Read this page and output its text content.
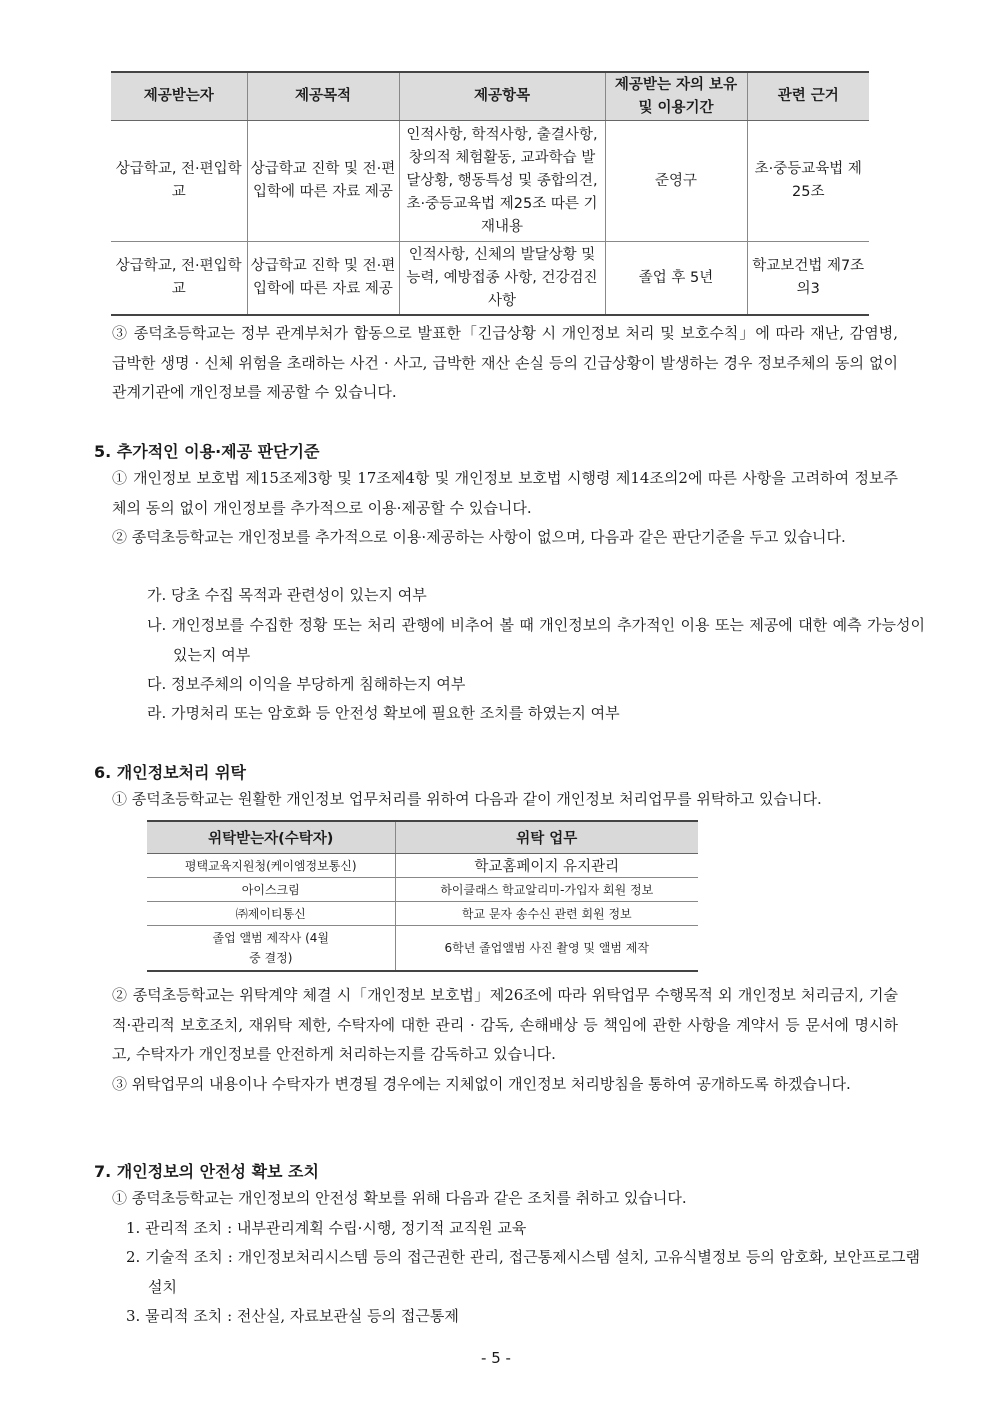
제공받는자	제공목적	제공항목	제공받는 자의 보유 및 이용기간	관련 근거
상급학교, 전·편입학교	상급학교 진학 및 전·편입학에 따른 자료 제공	인적사항, 학적사항, 출결사항, 창의적 체험활동, 교과학습 발달상황, 행동특성 및 종합의견, 초·중등교육법 제25조 따른 기재내용	준영구	초·중등교육법 제25조
상급학교, 전·편입학교	상급학교 진학 및 전·편입학에 따른 자료 제공	인적사항, 신체의 발달상황 및 능력, 예방접종 사항, 건강검진 사항	졸업 후 5년	학교보건법 제7조의3

③ 종덕초등학교는 정부 관계부처가 합동으로 발표한「긴급상황 시 개인정보 처리 및 보호수칙」에 따라 재난, 감염병, 급박한 생명 · 신체 위험을 초래하는 사건 · 사고, 급박한 재산 손실 등의 긴급상황이 발생하는 경우 정보주체의 동의 없이 관계기관에 개인정보를 제공할 수 있습니다.

5. 추가적인 이용·제공 판단기준

① 개인정보 보호법 제15조제3항 및 17조제4항 및 개인정보 보호법 시행령 제14조의2에 따른 사항을 고려하여 정보주체의 동의 없이 개인정보를 추가적으로 이용·제공할 수 있습니다.

② 종덕초등학교는 개인정보를 추가적으로 이용·제공하는 사항이 없으며, 다음과 같은 판단기준을 두고 있습니다.

가. 당초 수집 목적과 관련성이 있는지 여부

나. 개인정보를 수집한 정황 또는 처리 관행에 비추어 볼 때 개인정보의 추가적인 이용 또는 제공에 대한 예측 가능성이 있는지 여부

다. 정보주체의 이익을 부당하게 침해하는지 여부

라. 가명처리 또는 암호화 등 안전성 확보에 필요한 조치를 하였는지 여부

6. 개인정보처리 위탁

① 종덕초등학교는 원활한 개인정보 업무처리를 위하여 다음과 같이 개인정보 처리업무를 위탁하고 있습니다.

위탁받는자(수탁자)	위탁 업무
평택교육지원청(케이엠정보통신)	학교홈페이지 유지관리
아이스크림	하이클래스 학교알리미-가입자 회원 정보
㈜제이티통신	학교 문자 송수신 관련 회원 정보
졸업 앨범 제작사 (4월 중 결정)	6학년 졸업앨범 사진 촬영 및 앨범 제작

② 종덕초등학교는 위탁계약 체결 시「개인정보 보호법」제26조에 따라 위탁업무 수행목적 외 개인정보 처리금지, 기술적·관리적 보호조치, 재위탁 제한, 수탁자에 대한 관리 · 감독, 손해배상 등 책임에 관한 사항을 계약서 등 문서에 명시하고, 수탁자가 개인정보를 안전하게 처리하는지를 감독하고 있습니다.

③ 위탁업무의 내용이나 수탁자가 변경될 경우에는 지체없이 개인정보 처리방침을 통하여 공개하도록 하겠습니다.

7. 개인정보의 안전성 확보 조치

① 종덕초등학교는 개인정보의 안전성 확보를 위해 다음과 같은 조치를 취하고 있습니다.

1. 관리적 조치 : 내부관리계획 수립·시행, 정기적 교직원 교육

2. 기술적 조치 : 개인정보처리시스템 등의 접근권한 관리, 접근통제시스템 설치, 고유식별정보 등의 암호화, 보안프로그램 설치

3. 물리적 조치 : 전산실, 자료보관실 등의 접근통제

- 5 -
